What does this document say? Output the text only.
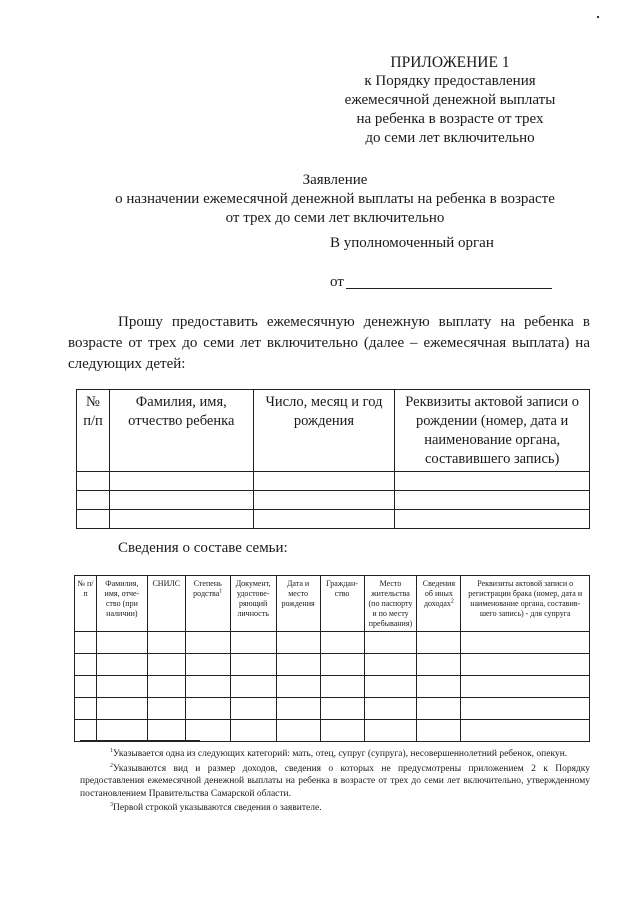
ПРИЛОЖЕНИЕ 1
к Порядку предоставления
ежемесячной денежной выплаты
на ребенка в возрасте от трех
до семи лет включительно
Заявление
о назначении ежемесячной денежной выплаты на ребенка в возрасте
от трех до семи лет включительно
В уполномоченный орган
от
Прошу предоставить ежемесячную денежную выплату на ребенка в возрасте от трех до семи лет включительно (далее – ежемесячная выплата) на следующих детей:
№ п/п	Фамилия, имя, отчество ребенка	Число, месяц и год рождения	Реквизиты актовой записи о рождении (номер, дата и наименование органа, составившего запись)

Сведения о составе семьи:
№ п/ п	Фамилия, имя, отче-ство (при наличии)	СНИЛС	Степень родства$^1$	Документ, удостове-ряющий личность	Дата и место рождения	Граждан-ство	Место жительства (по паспорту и по месту пребывания)	Сведения об иных доходах$^2$	Реквизиты актовой записи о регистрации брака (номер, дата и наименование органа, составив-шего запись) - для супруга

$^1$Указывается одна из следующих категорий: мать, отец, супруг (супруга), несовершеннолетний ребенок, опекун.

$^2$Указываются вид и размер доходов, сведения о которых не предусмотрены приложением 2 к Порядку предоставления ежемесячной денежной выплаты на ребенка в возрасте от трех до семи лет включительно, утвержденному постановлением Правительства Самарской области.

$^3$Первой строкой указываются сведения о заявителе.
